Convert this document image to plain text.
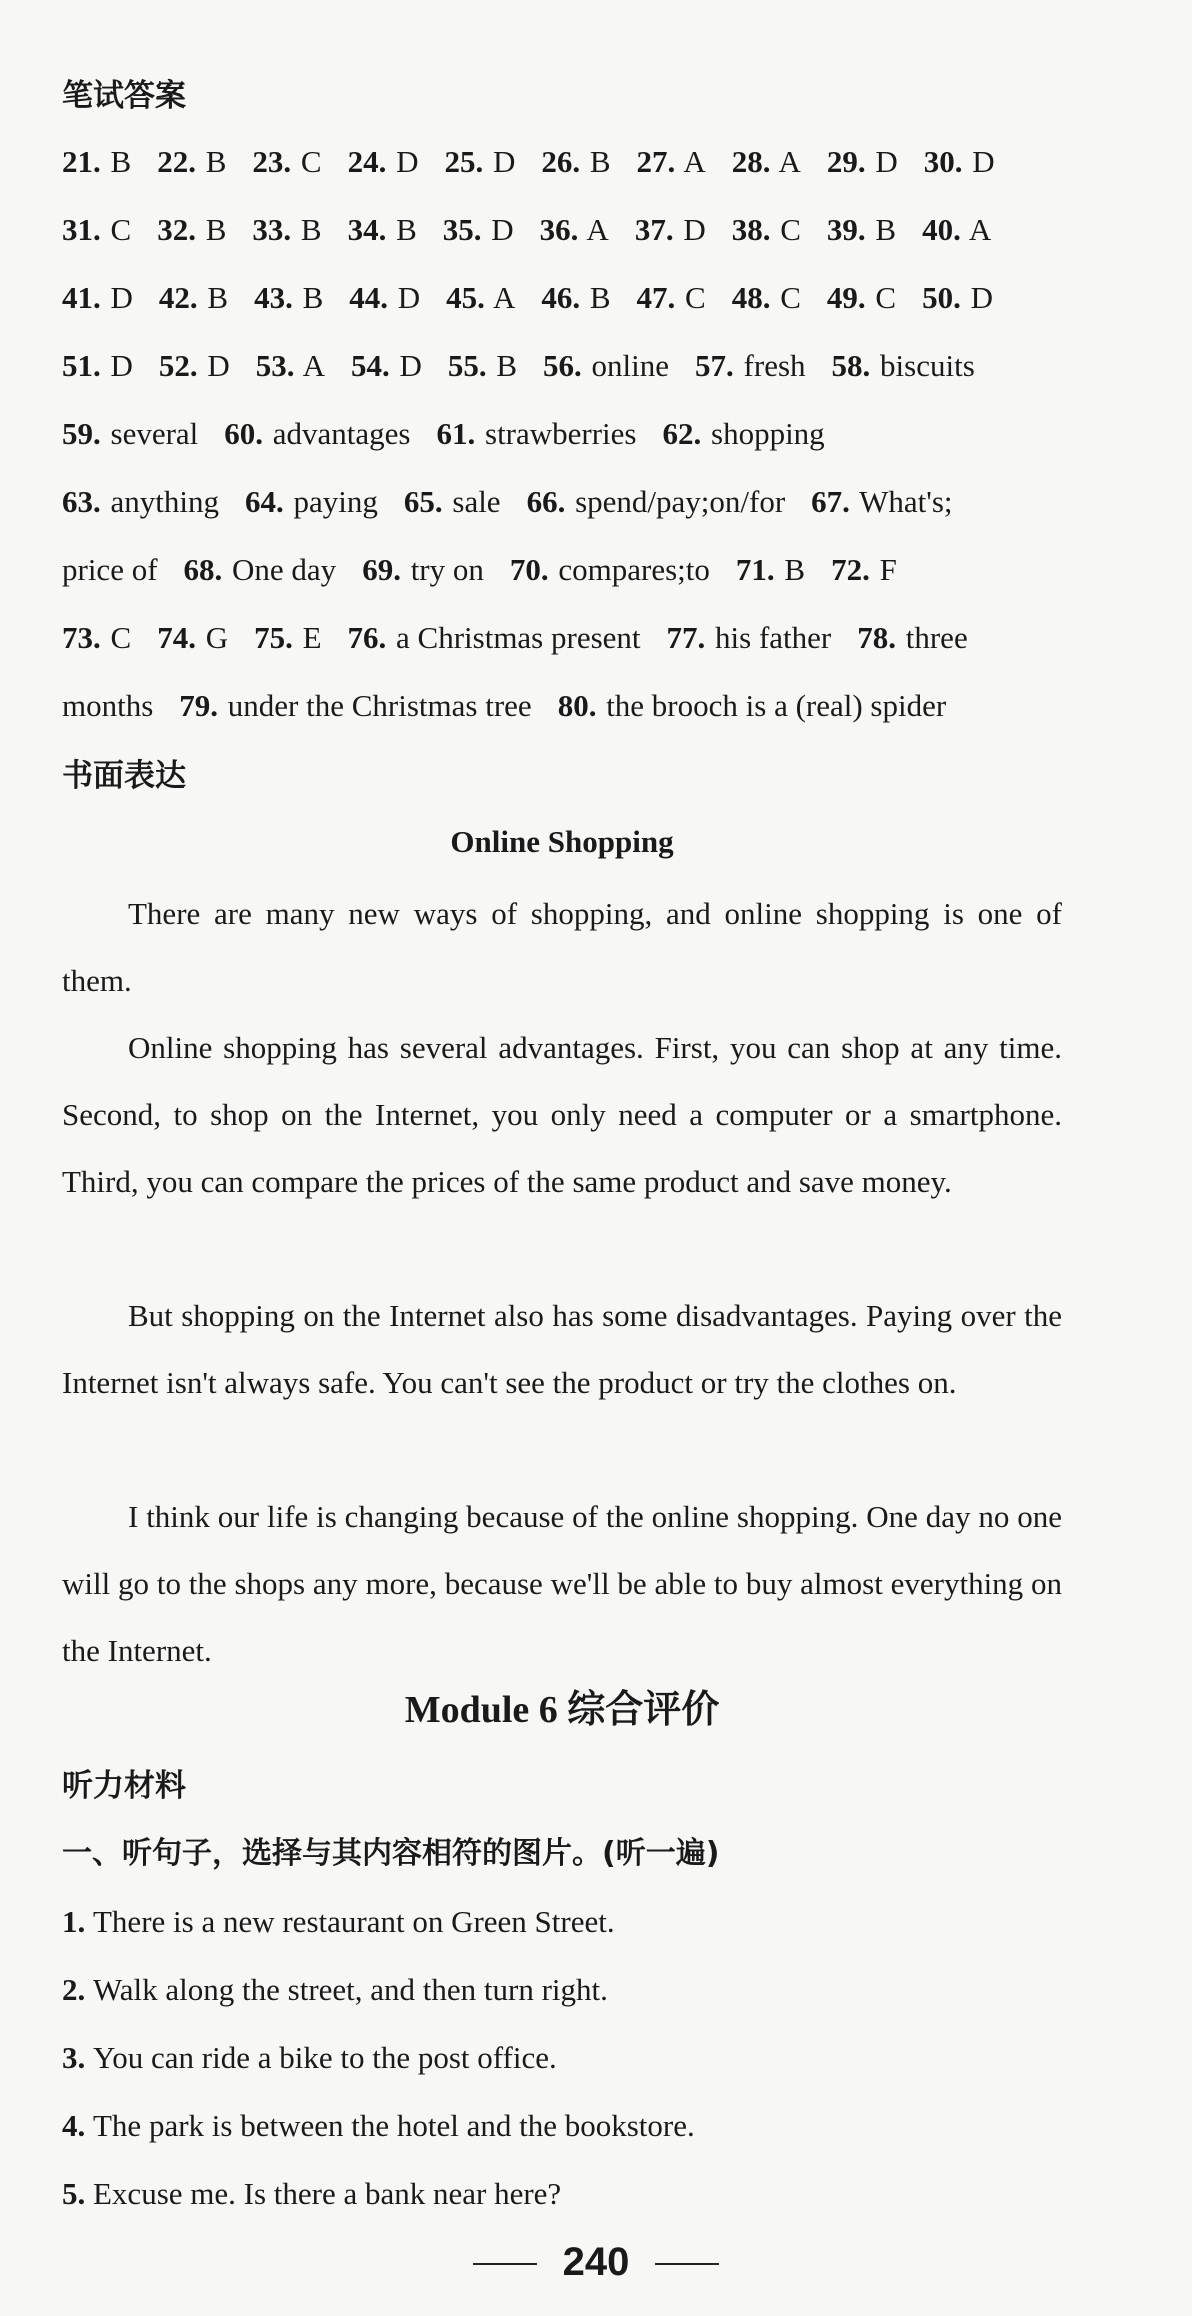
笔试答案
21. B 22. B 23. C 24. D 25. D 26. B 27. A 28. A 29. D 30. D
31. C 32. B 33. B 34. B 35. D 36. A 37. D 38. C 39. B 40. A
41. D 42. B 43. B 44. D 45. A 46. B 47. C 48. C 49. C 50. D
51. D 52. D 53. A 54. D 55. B 56. online 57. fresh 58. biscuits
59. several 60. advantages 61. strawberries 62. shopping
63. anything 64. paying 65. sale 66. spend/pay;on/for 67. What's;
price of 68. One day 69. try on 70. compares;to 71. B 72. F
73. C 74. G 75. E 76. a Christmas present 77. his father 78. three
months 79. under the Christmas tree 80. the brooch is a (real) spider
书面表达
Online Shopping
There are many new ways of shopping, and online shopping is one of them.
Online shopping has several advantages. First, you can shop at any time. Second, to shop on the Internet, you only need a computer or a smartphone. Third, you can compare the prices of the same product and save money.
But shopping on the Internet also has some disadvantages. Paying over the Internet isn't always safe. You can't see the product or try the clothes on.
I think our life is changing because of the online shopping. One day no one will go to the shops any more, because we'll be able to buy almost everything on the Internet.
Module 6 综合评价
听力材料
一、听句子，选择与其内容相符的图片。(听一遍)
1. There is a new restaurant on Green Street.
2. Walk along the street, and then turn right.
3. You can ride a bike to the post office.
4. The park is between the hotel and the bookstore.
5. Excuse me. Is there a bank near here?
240
